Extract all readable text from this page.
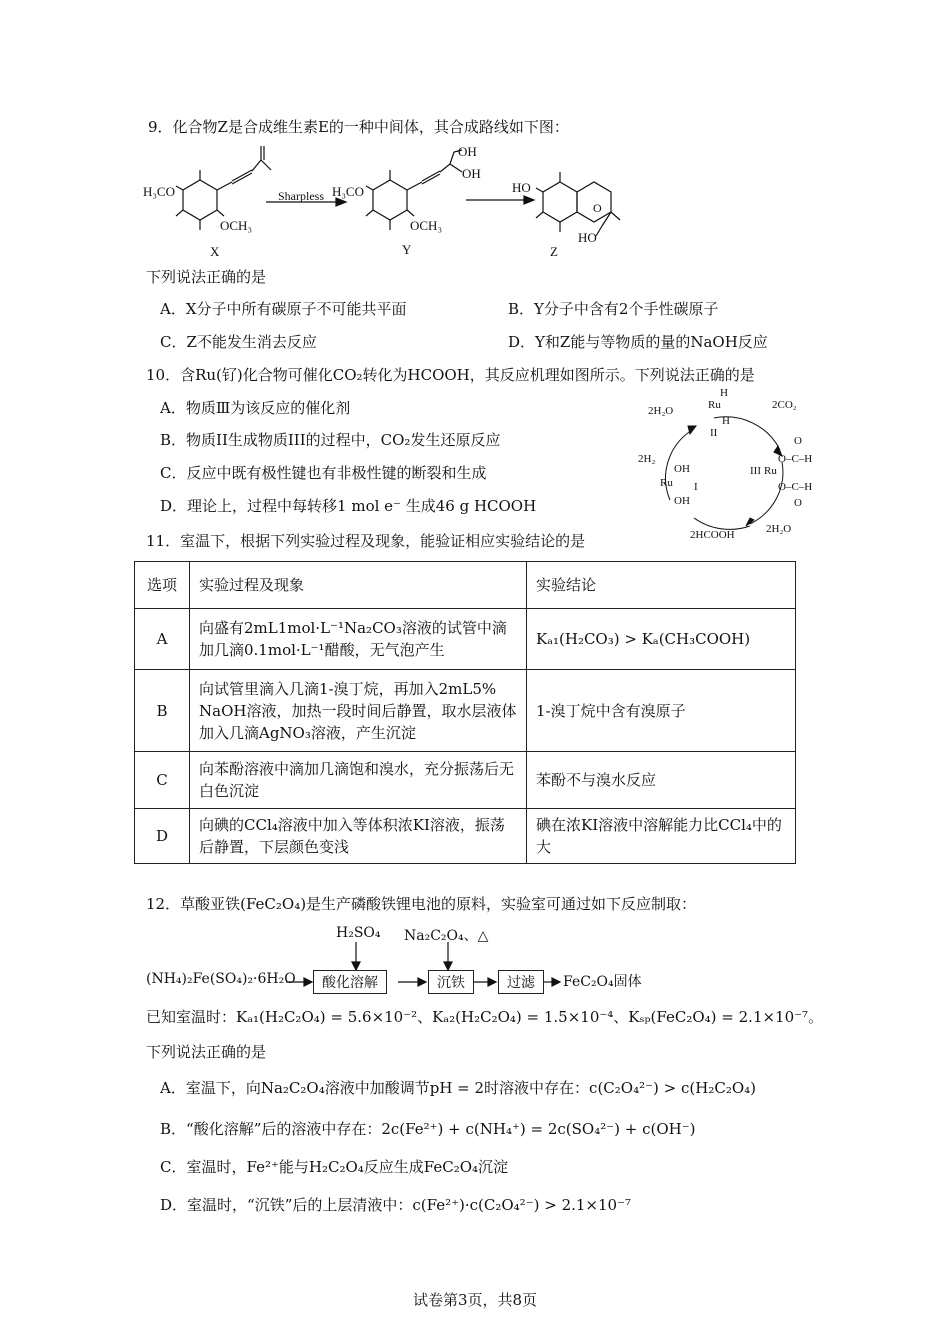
9．化合物Z是合成维生素E的一种中间体，其合成路线如下图：
H₃CO
OCH₃
Sharpless H₃CO
OCH₃
OH
OH
HO
HO
O
X	Y	Z
下列说法正确的是
A．X分子中所有碳原子不可能共平面	B．Y分子中含有2个手性碳原子
C．Z不能发生消去反应	D．Y和Z能与等物质的量的NaOH反应
10．含Ru(钌)化合物可催化CO₂转化为HCOOH，其反应机理如图所示。下列说法正确的是
A．物质Ⅲ为该反应的催化剂
B．物质II生成物质III的过程中，CO₂发生还原反应
C．反应中既有极性键也有非极性键的断裂和生成
D．理论上，过程中每转移1 mol e⁻ 生成46 g HCOOH
2H₂O	2CO₂
2H₂
2HCOOH	2H₂O
H
Ru
H
II
O
O–C–H
III Ru
O–C–H
O
OH
Ru I
OH
11．室温下，根据下列实验过程及现象，能验证相应实验结论的是
选项	实验过程及现象	实验结论
A	向盛有2mL1mol·L⁻¹Na₂CO₃溶液的试管中滴加几滴0.1mol·L⁻¹醋酸，无气泡产生	Kₐ₁(H₂CO₃) > Kₐ(CH₃COOH)
B	向试管里滴入几滴1-溴丁烷，再加入2mL5% NaOH溶液，加热一段时间后静置，取水层液体加入几滴AgNO₃溶液，产生沉淀	1-溴丁烷中含有溴原子
C	向苯酚溶液中滴加几滴饱和溴水，充分振荡后无白色沉淀	苯酚不与溴水反应
D	向碘的CCl₄溶液中加入等体积浓KI溶液，振荡后静置，下层颜色变浅	碘在浓KI溶液中溶解能力比CCl₄中的大
12．草酸亚铁(FeC₂O₄)是生产磷酸铁锂电池的原料，实验室可通过如下反应制取：
H₂SO₄ Na₂C₂O₄、△
(NH₄)₂Fe(SO₄)₂·6H₂O	酸化溶解	沉铁	过滤	FeC₂O₄固体
已知室温时：Kₐ₁(H₂C₂O₄) = 5.6×10⁻²、Kₐ₂(H₂C₂O₄) = 1.5×10⁻⁴、Kₛₚ(FeC₂O₄) = 2.1×10⁻⁷。
下列说法正确的是
A．室温下，向Na₂C₂O₄溶液中加酸调节pH = 2时溶液中存在：c(C₂O₄²⁻) > c(H₂C₂O₄)
B．“酸化溶解”后的溶液中存在：2c(Fe²⁺) + c(NH₄⁺) = 2c(SO₄²⁻) + c(OH⁻)
C．室温时，Fe²⁺能与H₂C₂O₄反应生成FeC₂O₄沉淀
D．室温时，“沉铁”后的上层清液中：c(Fe²⁺)·c(C₂O₄²⁻) > 2.1×10⁻⁷
试卷第3页，共8页
